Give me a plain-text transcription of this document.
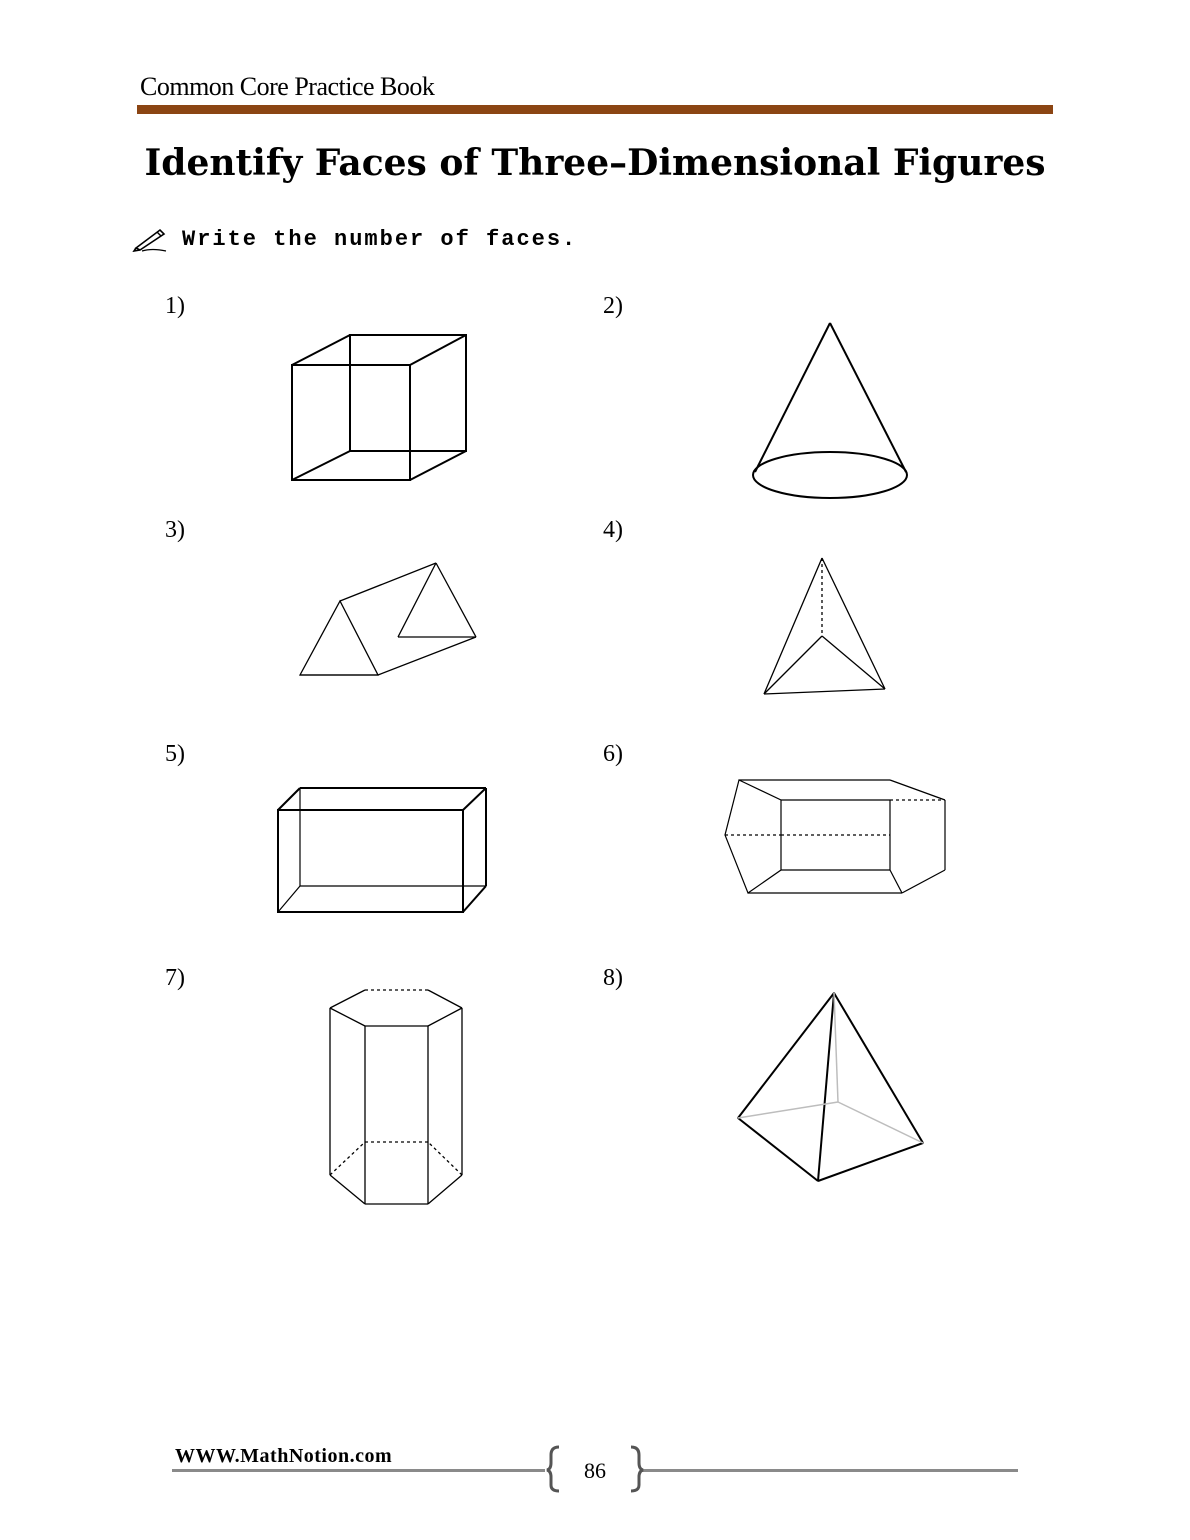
Common Core Practice Book
Identify Faces of Three–Dimensional Figures
Write the number of faces.
1)	2)
3)	4)
5)	6)
7)	8)
WWW.MathNotion.com
86
